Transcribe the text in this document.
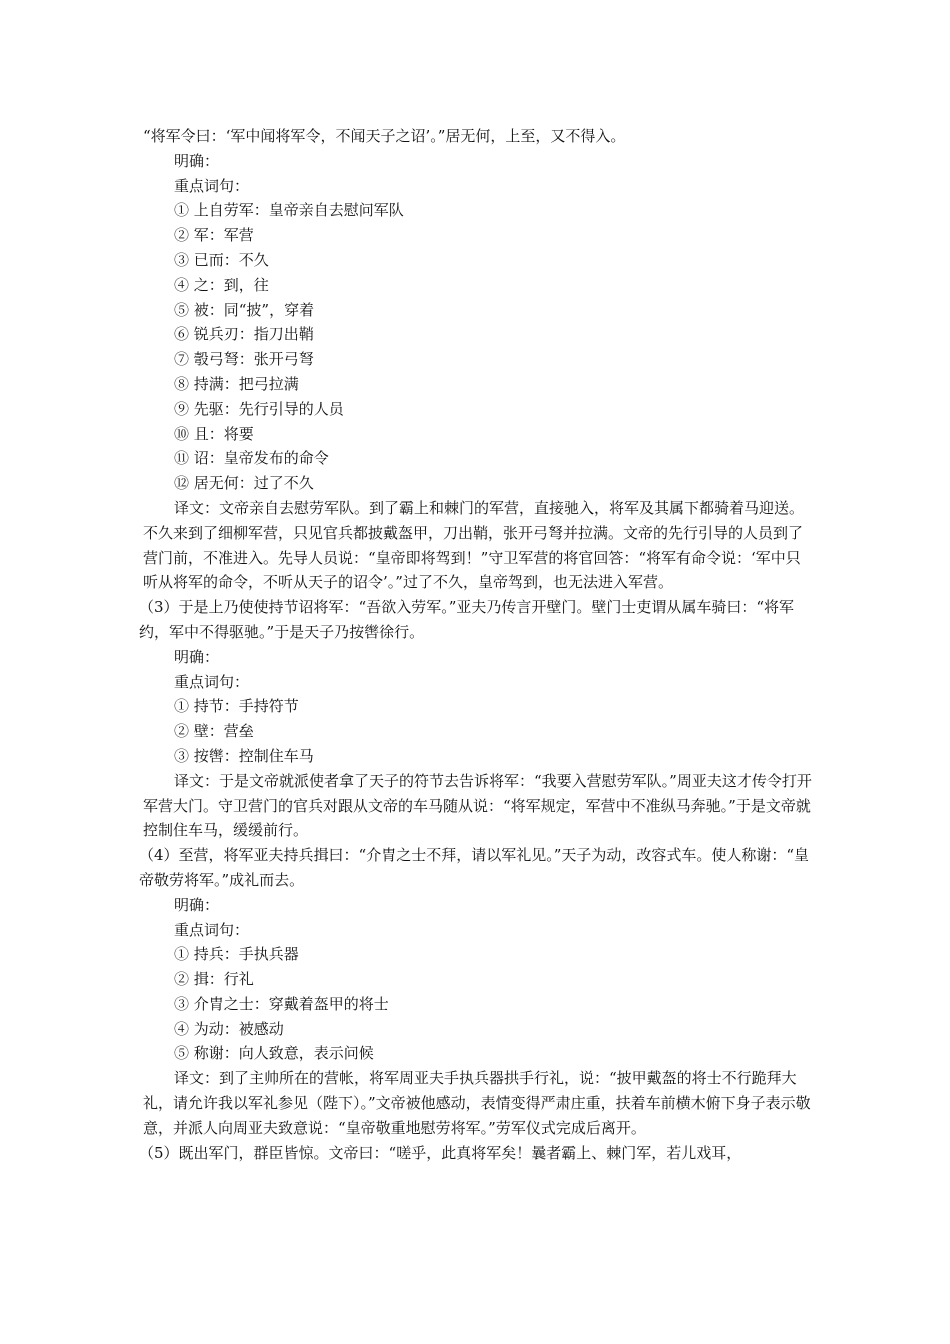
“将军令曰：‘军中闻将军令，不闻天子之诏’。”居无何，上至，又不得入。

明确：

重点词句：

① 上自劳军：皇帝亲自去慰问军队

② 军：军营

③ 已而：不久

④ 之：到，往

⑤ 被：同“披”，穿着

⑥ 锐兵刃：指刀出鞘

⑦ 彀弓弩：张开弓弩

⑧ 持满：把弓拉满

⑨ 先驱：先行引导的人员

⑩ 且：将要

⑪ 诏：皇帝发布的命令

⑫ 居无何：过了不久

译文：文帝亲自去慰劳军队。到了霸上和棘门的军营，直接驰入，将军及其属下都骑着马迎送。不久来到了细柳军营，只见官兵都披戴盔甲，刀出鞘，张开弓弩并拉满。文帝的先行引导的人员到了营门前，不准进入。先导人员说：“皇帝即将驾到！”守卫军营的将官回答：“将军有命令说：‘军中只听从将军的命令，不听从天子的诏令’。”过了不久，皇帝驾到，也无法进入军营。

（3）于是上乃使使持节诏将军：“吾欲入劳军。”亚夫乃传言开壁门。壁门士吏谓从属车骑曰：“将军约，军中不得驱驰。”于是天子乃按辔徐行。

明确：

重点词句：

① 持节：手持符节

② 壁：营垒

③ 按辔：控制住车马

译文：于是文帝就派使者拿了天子的符节去告诉将军：“我要入营慰劳军队。”周亚夫这才传令打开军营大门。守卫营门的官兵对跟从文帝的车马随从说：“将军规定，军营中不准纵马奔驰。”于是文帝就控制住车马，缓缓前行。

（4）至营，将军亚夫持兵揖曰：“介胄之士不拜，请以军礼见。”天子为动，改容式车。使人称谢：“皇帝敬劳将军。”成礼而去。

明确：

重点词句：

① 持兵：手执兵器

② 揖：行礼

③ 介胄之士：穿戴着盔甲的将士

④ 为动：被感动

⑤ 称谢：向人致意，表示问候

译文：到了主帅所在的营帐，将军周亚夫手执兵器拱手行礼，说：“披甲戴盔的将士不行跪拜大礼，请允许我以军礼参见（陛下）。”文帝被他感动，表情变得严肃庄重，扶着车前横木俯下身子表示敬意，并派人向周亚夫致意说：“皇帝敬重地慰劳将军。”劳军仪式完成后离开。

（5）既出军门，群臣皆惊。文帝曰：“嗟乎，此真将军矣！曩者霸上、棘门军，若儿戏耳，
